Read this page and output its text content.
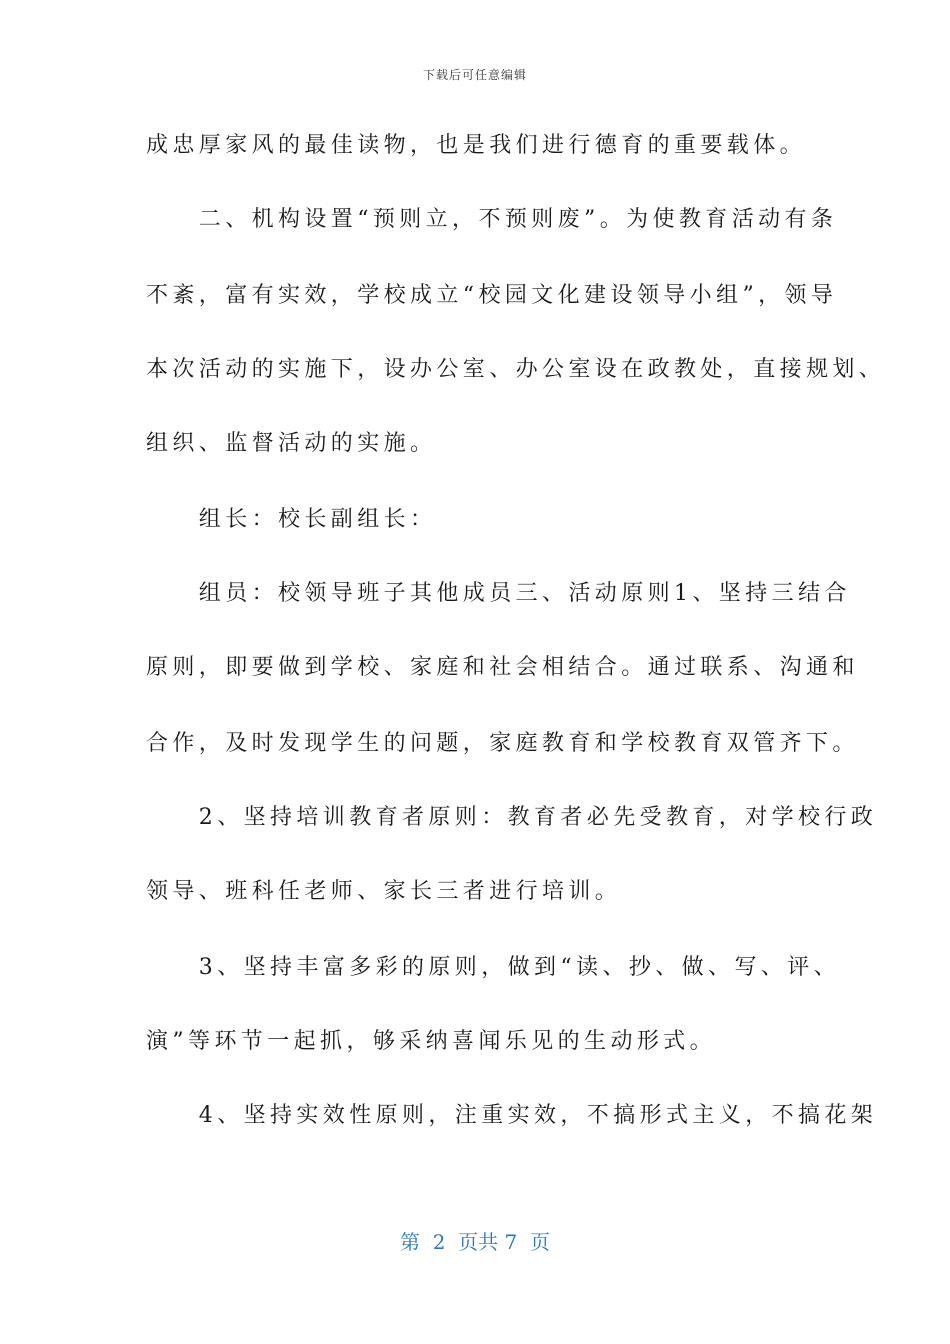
下载后可任意编辑
成忠厚家风的最佳读物，也是我们进行德育的重要载体。
　　二、机构设置“预则立，不预则废”。为使教育活动有条
不紊，富有实效，学校成立“校园文化建设领导小组”，领导
本次活动的实施下，设办公室、办公室设在政教处，直接规划、
组织、监督活动的实施。
　　组长：校长副组长：
　　组员：校领导班子其他成员三、活动原则1、坚持三结合
原则，即要做到学校、家庭和社会相结合。通过联系、沟通和
合作，及时发现学生的问题，家庭教育和学校教育双管齐下。
　　2、坚持培训教育者原则：教育者必先受教育，对学校行政
领导、班科任老师、家长三者进行培训。
　　3、坚持丰富多彩的原则，做到“读、抄、做、写、评、
演”等环节一起抓，够采纳喜闻乐见的生动形式。
　　4、坚持实效性原则，注重实效，不搞形式主义，不搞花架
第  2  页共 7  页
